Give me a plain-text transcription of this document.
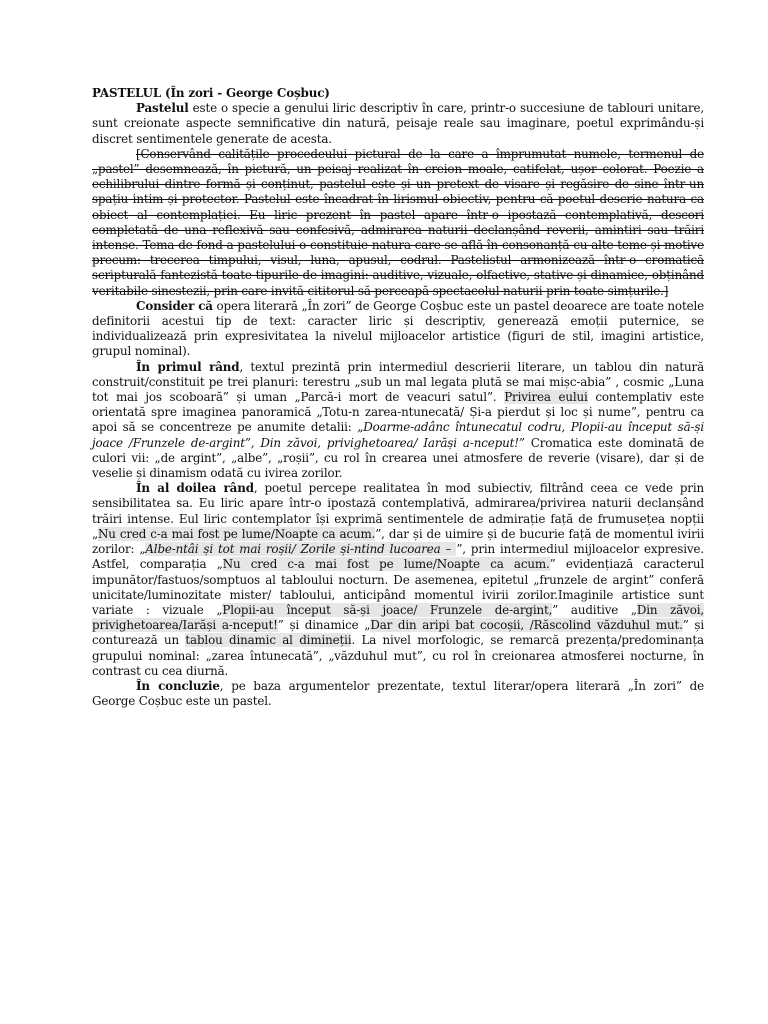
PASTELUL (În zori - George Coșbuc)

Pastelul este o specie a genului liric descriptiv în care, printr-o succesiune de tablouri unitare, sunt creionate aspecte semnificative din natură, peisaje reale sau imaginare, poetul exprimându-și discret sentimentele generate de acesta.

[Conservând calitățile procedeului pictural de la care a împrumutat numele, termenul de „pastel” desemnează, în pictură, un peisaj realizat în creion moale, catifelat, ușor colorat. Poezie a echilibrului dintre formă și conținut, pastelul este și un pretext de visare și regăsire de sine într-un spațiu intim și protector. Pastelul este încadrat în lirismul obiectiv, pentru că poetul descrie natura ca obiect al contemplației. Eu liric prezent în pastel apare într-o ipostază contemplativă, descori completată de una reflexivă sau confesivă, admirarea naturii declanșând reverii, amintiri sau trăiri intense. Tema de fond a pastelului o constituie natura care se află în consonanță cu alte teme și motive precum: trecerea timpului, visul, luna, apusul, codrul. Pastelistul armonizează într-o cromatică scripturală fantezistă toate tipurile de imagini: auditive, vizuale, olfactive, stative și dinamice, obținând veritabile sinestezii, prin care invită cititorul să perceapă spectacolul naturii prin toate simțurile.]

Consider că opera literară „În zori” de George Coșbuc este un pastel deoarece are toate notele definitorii acestui tip de text: caracter liric și descriptiv, generează emoții puternice, se individualizează prin expresivitatea la nivelul mijloacelor artistice (figuri de stil, imagini artistice, grupul nominal).

În primul rând, textul prezintă prin intermediul descrierii literare, un tablou din natură construit/constituit pe trei planuri: terestru „sub un mal legata plută se mai mișc-abia” , cosmic „Luna tot mai jos scoboară” și uman „Parcă-i mort de veacuri satul”. Privirea eului contemplativ este orientată spre imaginea panoramică „Totu-n zarea-ntunecată/ Și-a pierdut și loc și nume”, pentru ca apoi să se concentreze pe anumite detalii: „Doarme-adânc întunecatul codru, Plopii-au început să-și joace /Frunzele de-argint”, Din zăvoi, privighetoarea/ Iarăși a-nceput!” Cromatica este dominată de culori vii: „de argint”, „albe”, „roșii”, cu rol în crearea unei atmosfere de reverie (visare), dar și de veselie și dinamism odată cu ivirea zorilor.

În al doilea rând, poetul percepe realitatea în mod subiectiv, filtrând ceea ce vede prin sensibilitatea sa. Eu liric apare într-o ipostază contemplativă, admirarea/privirea naturii declanșând trăiri intense. Eul liric contemplator își exprimă sentimentele de admirație față de frumusețea nopții „Nu cred c-a mai fost pe lume/Noapte ca acum.”, dar și de uimire și de bucurie față de momentul ivirii zorilor: „Albe-ntâi și tot mai roșii/ Zorile și-ntind lucoarea – ”, prin intermediul mijloacelor expresive. Astfel, comparația „Nu cred c-a mai fost pe lume/Noapte ca acum.” evidențiază caracterul impunător/fastuos/somptuos al tabloului nocturn. De asemenea, epitetul „frunzele de argint” conferă unicitate/luminozitate mister/ tablоului, anticipând momentul ivirii zorilor.Imaginile artistice sunt variate : vizuale „Plopii-au început să-și joace/ Frunzele de-argint,” auditive „Din zăvoi, privighetoarea/Iarăși a-nceput!” și dinamice „Dar din aripi bat cocoșii, /Răscolind văzduhul mut.” și conturează un tablou dinamic al dimineții. La nivel morfologic, se remarcă prezența/predominanța grupului nominal: „zarea întunecată”, „văzduhul mut”, cu rol în creionarea atmosferei nocturne, în contrast cu cea diurnă.

În concluzie, pe baza argumentelor prezentate, textul literar/opera literară „În zori” de George Coșbuc este un pastel.
